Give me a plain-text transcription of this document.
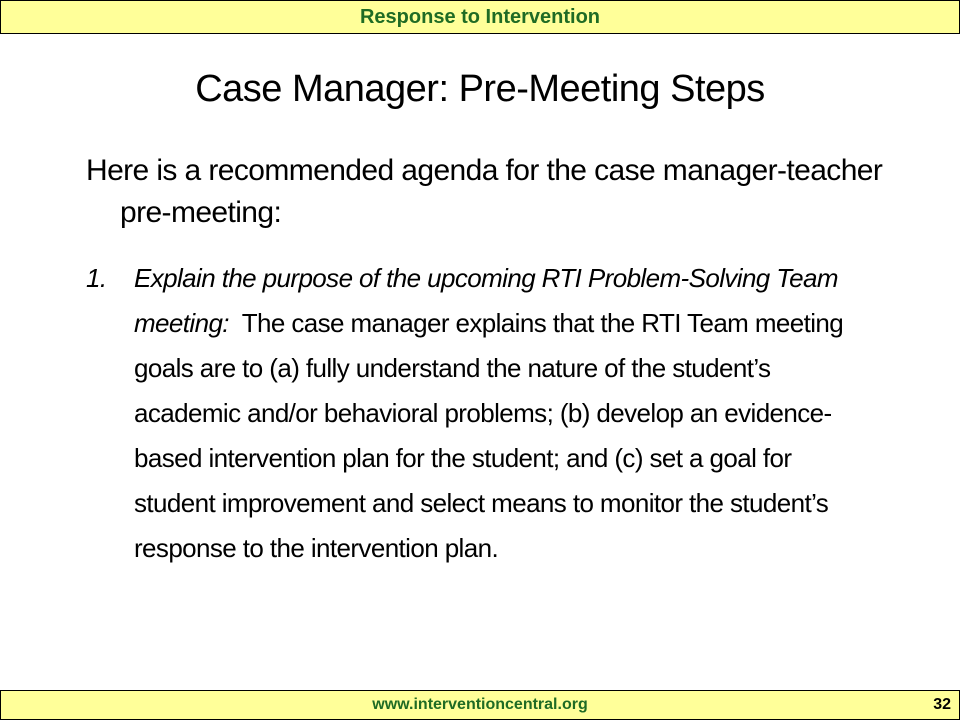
Response to Intervention
Case Manager: Pre-Meeting Steps
Here is a recommended agenda for the case manager-teacher pre-meeting:
1.	Explain the purpose of the upcoming RTI Problem-Solving Team meeting: The case manager explains that the RTI Team meeting goals are to (a) fully understand the nature of the student’s academic and/or behavioral problems; (b) develop an evidence-based intervention plan for the student; and (c) set a goal for student improvement and select means to monitor the student’s response to the intervention plan.
www.interventioncentral.org	32
